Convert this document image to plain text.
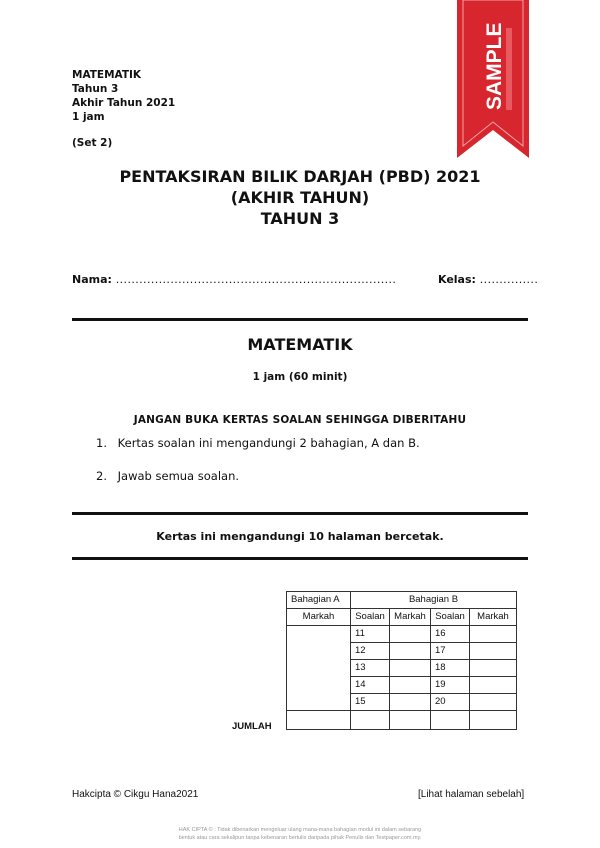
MATEMATIK
Tahun 3
Akhir Tahun 2021
1 jam
(Set 2)
SAMPLE
PENTAKSIRAN BILIK DARJAH (PBD) 2021
(AKHIR TAHUN)
TAHUN 3
Nama: ........................................................................	Kelas: ...............
MATEMATIK
1 jam (60 minit)
JANGAN BUKA KERTAS SOALAN SEHINGGA DIBERITAHU
1. Kertas soalan ini mengandungi 2 bahagian, A dan B.
2. Jawab semua soalan.
Kertas ini mengandungi 10 halaman bercetak.
Bahagian A	Bahagian B			
Markah	Soalan	Markah	Soalan	Markah
	11		16	
	12		17	
	13		18	
	14		19	
	15		20	

JUMLAH
Hakcipta © Cikgu Hana2021	[Lihat halaman sebelah]
HAK CIPTA © : Tidak dibenarkan mengeluar ulang mana-mana bahagian modul ini dalam sebarang
bentuk atau cara sekalipun tanpa kebenaran bertulis daripada pihak Penulis dan Testpaper.com.my.
